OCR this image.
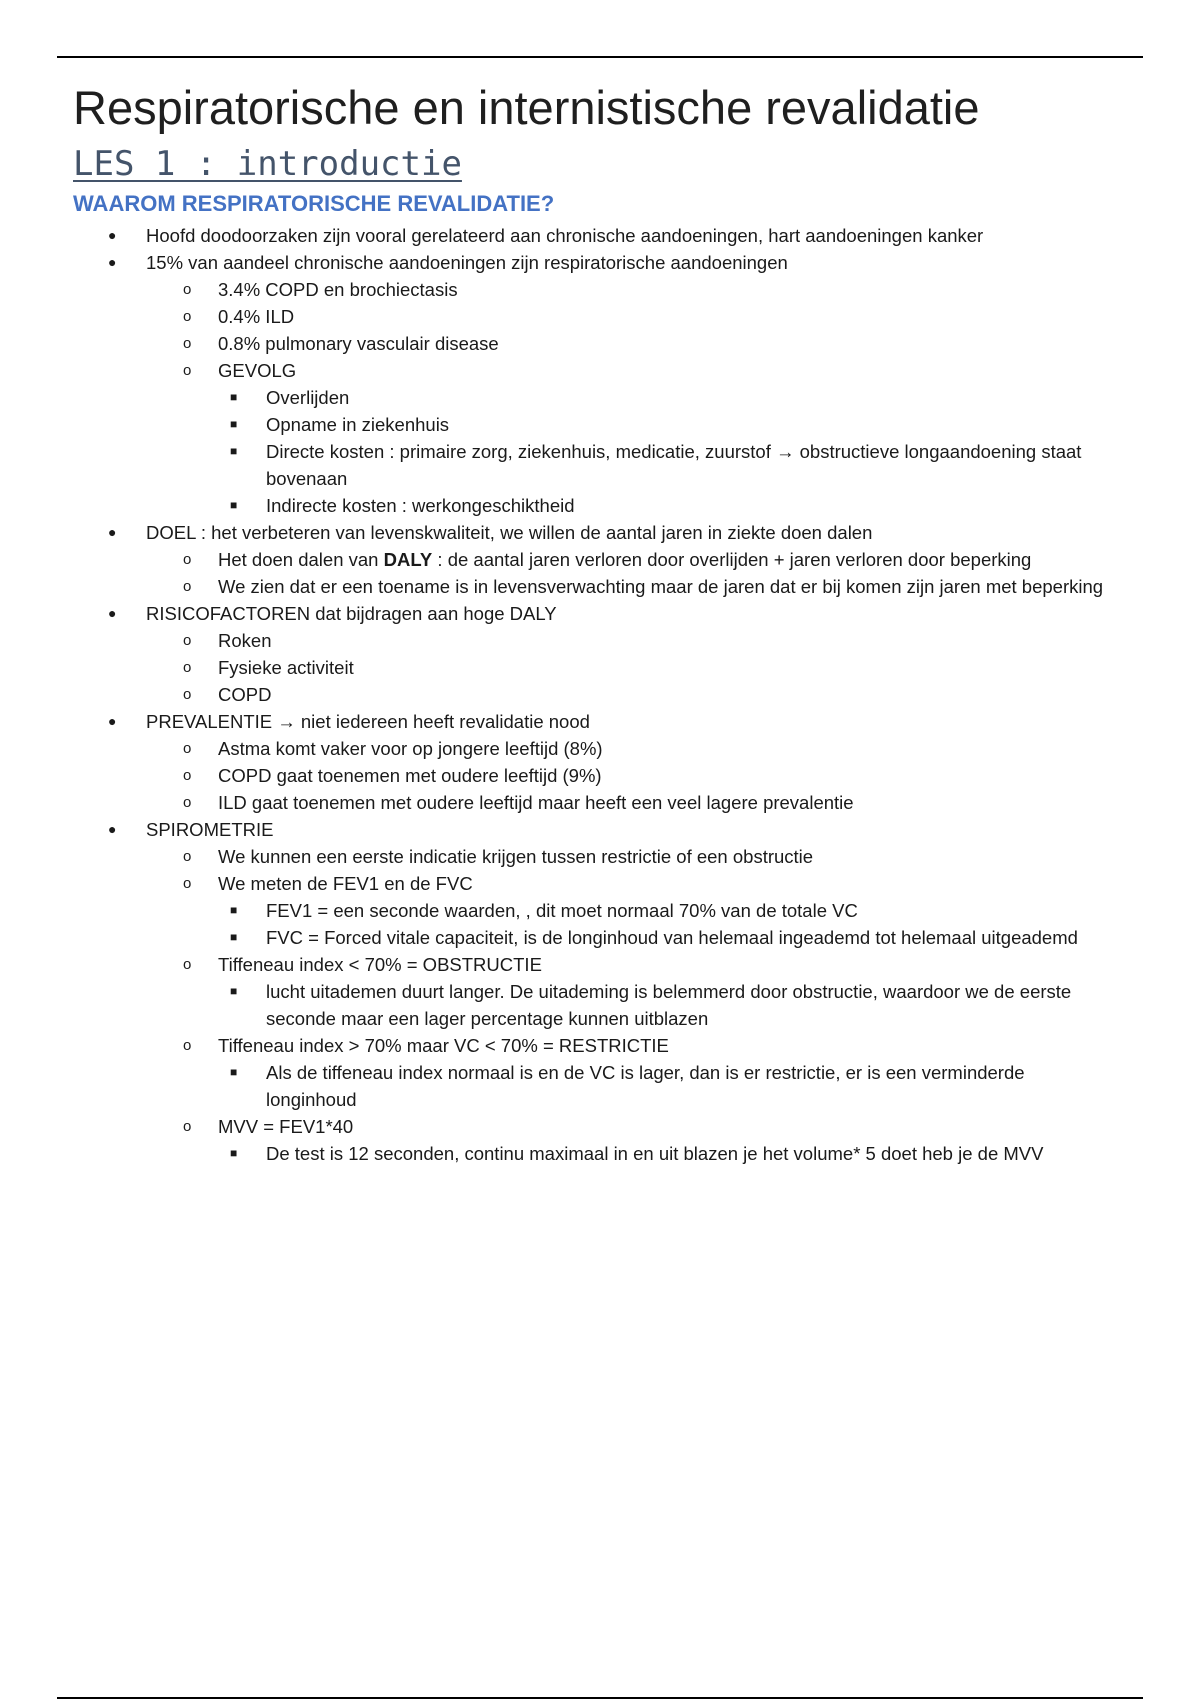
Respiratorische en internistische revalidatie
LES 1 : introductie
WAAROM RESPIRATORISCHE REVALIDATIE?
● Hoofd doodoorzaken zijn vooral gerelateerd aan chronische aandoeningen, hart aandoeningen kanker
● 15% van aandeel chronische aandoeningen zijn respiratorische aandoeningen
o 3.4% COPD en brochiectasis
o 0.4% ILD
o 0.8% pulmonary vasculair disease
o GEVOLG
■ Overlijden
■ Opname in ziekenhuis
■ Directe kosten : primaire zorg, ziekenhuis, medicatie, zuurstof → obstructieve longaandoening staat bovenaan
■ Indirecte kosten : werkongeschiktheid
● DOEL : het verbeteren van levenskwaliteit, we willen de aantal jaren in ziekte doen dalen
o Het doen dalen van DALY : de aantal jaren verloren door overlijden + jaren verloren door beperking
o We zien dat er een toename is in levensverwachting maar de jaren dat er bij komen zijn jaren met beperking
● RISICOFACTOREN dat bijdragen aan hoge DALY
o Roken
o Fysieke activiteit
o COPD
● PREVALENTIE → niet iedereen heeft revalidatie nood
o Astma komt vaker voor op jongere leeftijd (8%)
o COPD gaat toenemen met oudere leeftijd (9%)
o ILD gaat toenemen met oudere leeftijd maar heeft een veel lagere prevalentie
● SPIROMETRIE
o We kunnen een eerste indicatie krijgen tussen restrictie of een obstructie
o We meten de FEV1 en de FVC
■ FEV1 = een seconde waarden, , dit moet normaal 70% van de totale VC
■ FVC = Forced vitale capaciteit, is de longinhoud van helemaal ingeademd tot helemaal uitgeademd
o Tiffeneau index < 70% = OBSTRUCTIE
■ lucht uitademen duurt langer. De uitademing is belemmerd door obstructie, waardoor we de eerste seconde maar een lager percentage kunnen uitblazen
o Tiffeneau index > 70% maar VC < 70% = RESTRICTIE
■ Als de tiffeneau index normaal is en de VC is lager, dan is er restrictie, er is een verminderde longinhoud
o MVV = FEV1*40
■ De test is 12 seconden, continu maximaal in en uit blazen je het volume* 5 doet heb je de MVV
